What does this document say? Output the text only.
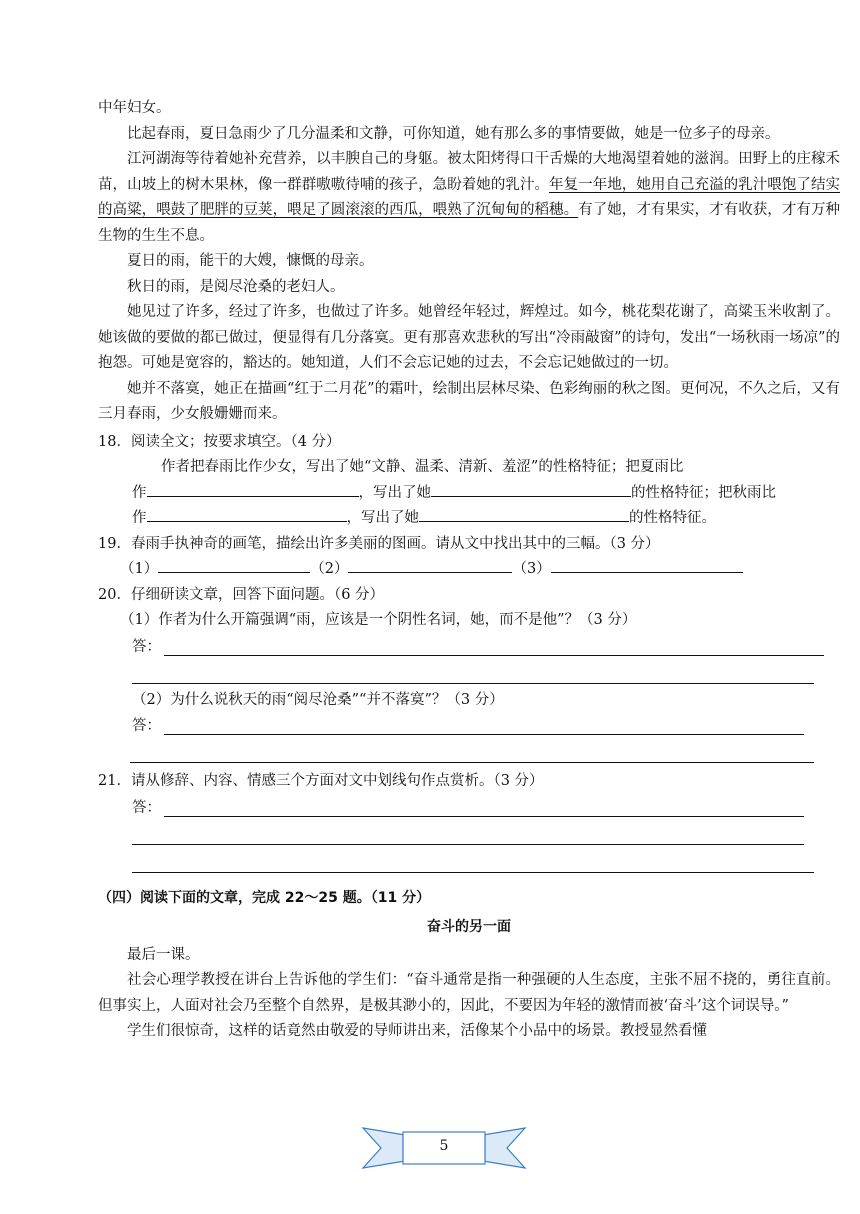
中年妇女。

比起春雨，夏日急雨少了几分温柔和文静，可你知道，她有那么多的事情要做，她是一位多子的母亲。

江河湖海等待着她补充营养，以丰腴自己的身躯。被太阳烤得口干舌燥的大地渴望着她的滋润。田野上的庄稼禾苗，山坡上的树木果林，像一群群嗷嗷待哺的孩子，急盼着她的乳汁。年复一年地，她用自己充溢的乳汁喂饱了结实的高粱，喂鼓了肥胖的豆荚，喂足了圆滚滚的西瓜，喂熟了沉甸甸的稻穗。有了她，才有果实，才有收获，才有万种生物的生生不息。

夏日的雨，能干的大嫂，慷慨的母亲。

秋日的雨，是阅尽沧桑的老妇人。

她见过了许多，经过了许多，也做过了许多。她曾经年轻过，辉煌过。如今，桃花梨花谢了，高粱玉米收割了。她该做的要做的都已做过，便显得有几分落寞。更有那喜欢悲秋的写出“冷雨敲窗”的诗句，发出“一场秋雨一场凉”的抱怨。可她是宽容的，豁达的。她知道，人们不会忘记她的过去，不会忘记她做过的一切。

她并不落寞，她正在描画“红于二月花”的霜叶，绘制出层林尽染、色彩绚丽的秋之图。更何况，不久之后，又有三月春雨，少女般姗姗而来。

18．阅读全文；按要求填空。（4 分）

作者把春雨比作少女，写出了她“文静、温柔、清新、羞涩”的性格特征；把夏雨比

作	，写出了她	的性格特征；把秋雨比

作	，写出了她	的性格特征。

19．春雨手执神奇的画笔，描绘出许多美丽的图画。请从文中找出其中的三幅。（3 分）

（1）	（2）	（3）

20．仔细研读文章，回答下面问题。（6 分）

（1）作者为什么开篇强调“雨，应该是一个阴性名词，她，而不是他”？（3 分）

答：

（2）为什么说秋天的雨“阅尽沧桑”“并不落寞”？（3 分）

答：

21．请从修辞、内容、情感三个方面对文中划线句作点赏析。（3 分）

答：

（四）阅读下面的文章，完成 22～25 题。（11 分）

奋斗的另一面

最后一课。

社会心理学教授在讲台上告诉他的学生们：“奋斗通常是指一种强硬的人生态度，主张不屈不挠的，勇往直前。但事实上，人面对社会乃至整个自然界，是极其渺小的，因此，不要因为年轻的激情而被‘奋斗’这个词误导。”

学生们很惊奇，这样的话竟然由敬爱的导师讲出来，活像某个小品中的场景。教授显然看懂

5
